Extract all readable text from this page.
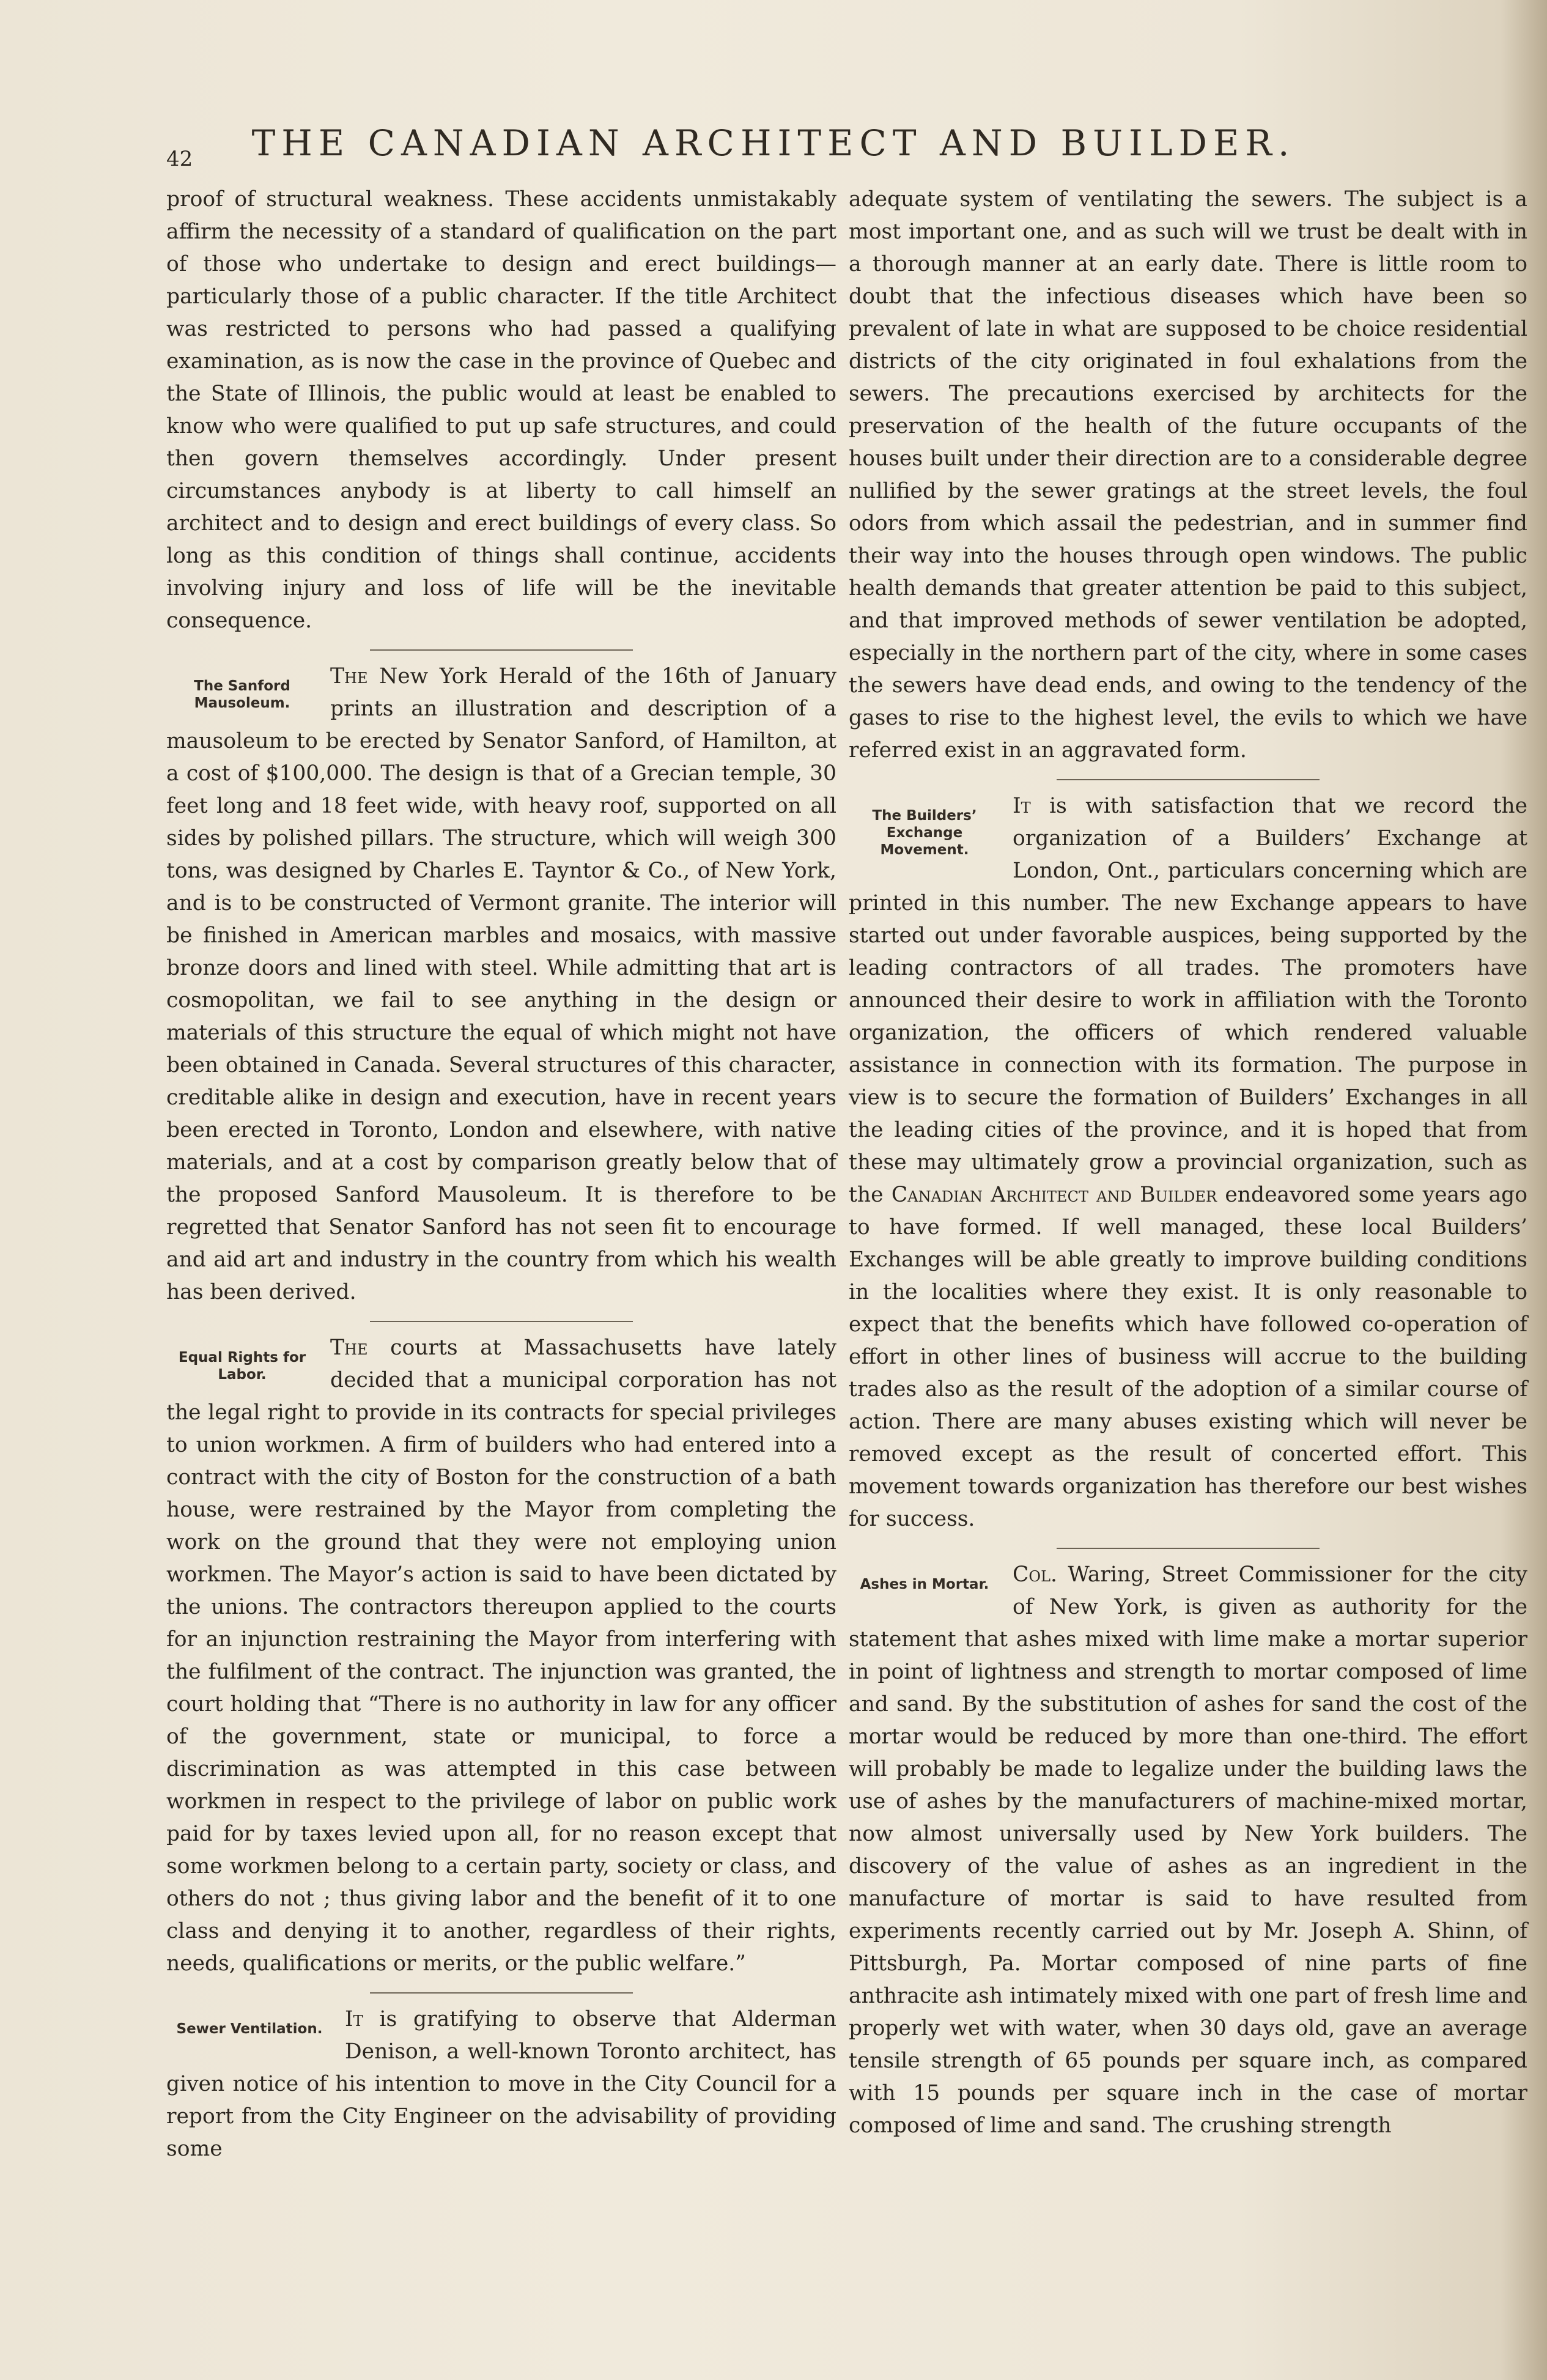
42	THE CANADIAN ARCHITECT AND BUILDER.

proof of structural weakness. These accidents unmistakably affirm the necessity of a standard of qualification on the part of those who undertake to design and erect buildings—particularly those of a public character. If the title Architect was restricted to persons who had passed a qualifying examination, as is now the case in the province of Quebec and the State of Illinois, the public would at least be enabled to know who were qualified to put up safe structures, and could then govern themselves accordingly. Under present circumstances anybody is at liberty to call himself an architect and to design and erect buildings of every class. So long as this condition of things shall continue, accidents involving injury and loss of life will be the inevitable consequence.

The Sanford Mausoleum.

The New York Herald of the 16th of January prints an illustration and description of a mausoleum to be erected by Senator Sanford, of Hamilton, at a cost of $100,000. The design is that of a Grecian temple, 30 feet long and 18 feet wide, with heavy roof, supported on all sides by polished pillars. The structure, which will weigh 300 tons, was designed by Charles E. Tayntor & Co., of New York, and is to be constructed of Vermont granite. The interior will be finished in American marbles and mosaics, with massive bronze doors and lined with steel. While admitting that art is cosmopolitan, we fail to see anything in the design or materials of this structure the equal of which might not have been obtained in Canada. Several structures of this character, creditable alike in design and execution, have in recent years been erected in Toronto, London and elsewhere, with native materials, and at a cost by comparison greatly below that of the proposed Sanford Mausoleum. It is therefore to be regretted that Senator Sanford has not seen fit to encourage and aid art and industry in the country from which his wealth has been derived.

Equal Rights for Labor.

The courts at Massachusetts have lately decided that a municipal corporation has not the legal right to provide in its contracts for special privileges to union workmen. A firm of builders who had entered into a contract with the city of Boston for the construction of a bath house, were restrained by the Mayor from completing the work on the ground that they were not employing union workmen. The Mayor’s action is said to have been dictated by the unions. The contractors thereupon applied to the courts for an injunction restraining the Mayor from interfering with the fulfilment of the contract. The injunction was granted, the court holding that “There is no authority in law for any officer of the government, state or municipal, to force a discrimination as was attempted in this case between workmen in respect to the privilege of labor on public work paid for by taxes levied upon all, for no reason except that some workmen belong to a certain party, society or class, and others do not ; thus giving labor and the benefit of it to one class and denying it to another, regardless of their rights, needs, qualifications or merits, or the public welfare.”

Sewer Ventilation.	It is gratifying to observe that Alderman Denison, a well-known Toronto architect, has given notice of his intention to move in the City Council for a report from the City Engineer on the advisability of providing some

adequate system of ventilating the sewers. The subject is a most important one, and as such will we trust be dealt with in a thorough manner at an early date. There is little room to doubt that the infectious diseases which have been so prevalent of late in what are supposed to be choice residential districts of the city originated in foul exhalations from the sewers. The precautions exercised by architects for the preservation of the health of the future occupants of the houses built under their direction are to a considerable degree nullified by the sewer gratings at the street levels, the foul odors from which assail the pedestrian, and in summer find their way into the houses through open windows. The public health demands that greater attention be paid to this subject, and that improved methods of sewer ventilation be adopted, especially in the northern part of the city, where in some cases the sewers have dead ends, and owing to the tendency of the gases to rise to the highest level, the evils to which we have referred exist in an aggravated form.

The Builders’ Exchange Movement.

It is with satisfaction that we record the organization of a Builders’ Exchange at London, Ont., particulars concerning which are printed in this number. The new Exchange appears to have started out under favorable auspices, being supported by the leading contractors of all trades. The promoters have announced their desire to work in affiliation with the Toronto organization, the officers of which rendered valuable assistance in connection with its formation. The purpose in view is to secure the formation of Builders’ Exchanges in all the leading cities of the province, and it is hoped that from these may ultimately grow a provincial organization, such as the Canadian Architect and Builder endeavored some years ago to have formed. If well managed, these local Builders’ Exchanges will be able greatly to improve building conditions in the localities where they exist. It is only reasonable to expect that the benefits which have followed co-operation of effort in other lines of business will accrue to the building trades also as the result of the adoption of a similar course of action. There are many abuses existing which will never be removed except as the result of concerted effort. This movement towards organization has therefore our best wishes for success.

Ashes in Mortar.	Col. Waring, Street Commissioner for the city of New York, is given as authority for the statement that ashes mixed with lime make a mortar superior in point of lightness and strength to mortar composed of lime and sand. By the substitution of ashes for sand the cost of the mortar would be reduced by more than one-third. The effort will probably be made to legalize under the building laws the use of ashes by the manufacturers of machine-mixed mortar, now almost universally used by New York builders. The discovery of the value of ashes as an ingredient in the manufacture of mortar is said to have resulted from experiments recently carried out by Mr. Joseph A. Shinn, of Pittsburgh, Pa. Mortar composed of nine parts of fine anthracite ash intimately mixed with one part of fresh lime and properly wet with water, when 30 days old, gave an average tensile strength of 65 pounds per square inch, as compared with 15 pounds per square inch in the case of mortar composed of lime and sand. The crushing strength
